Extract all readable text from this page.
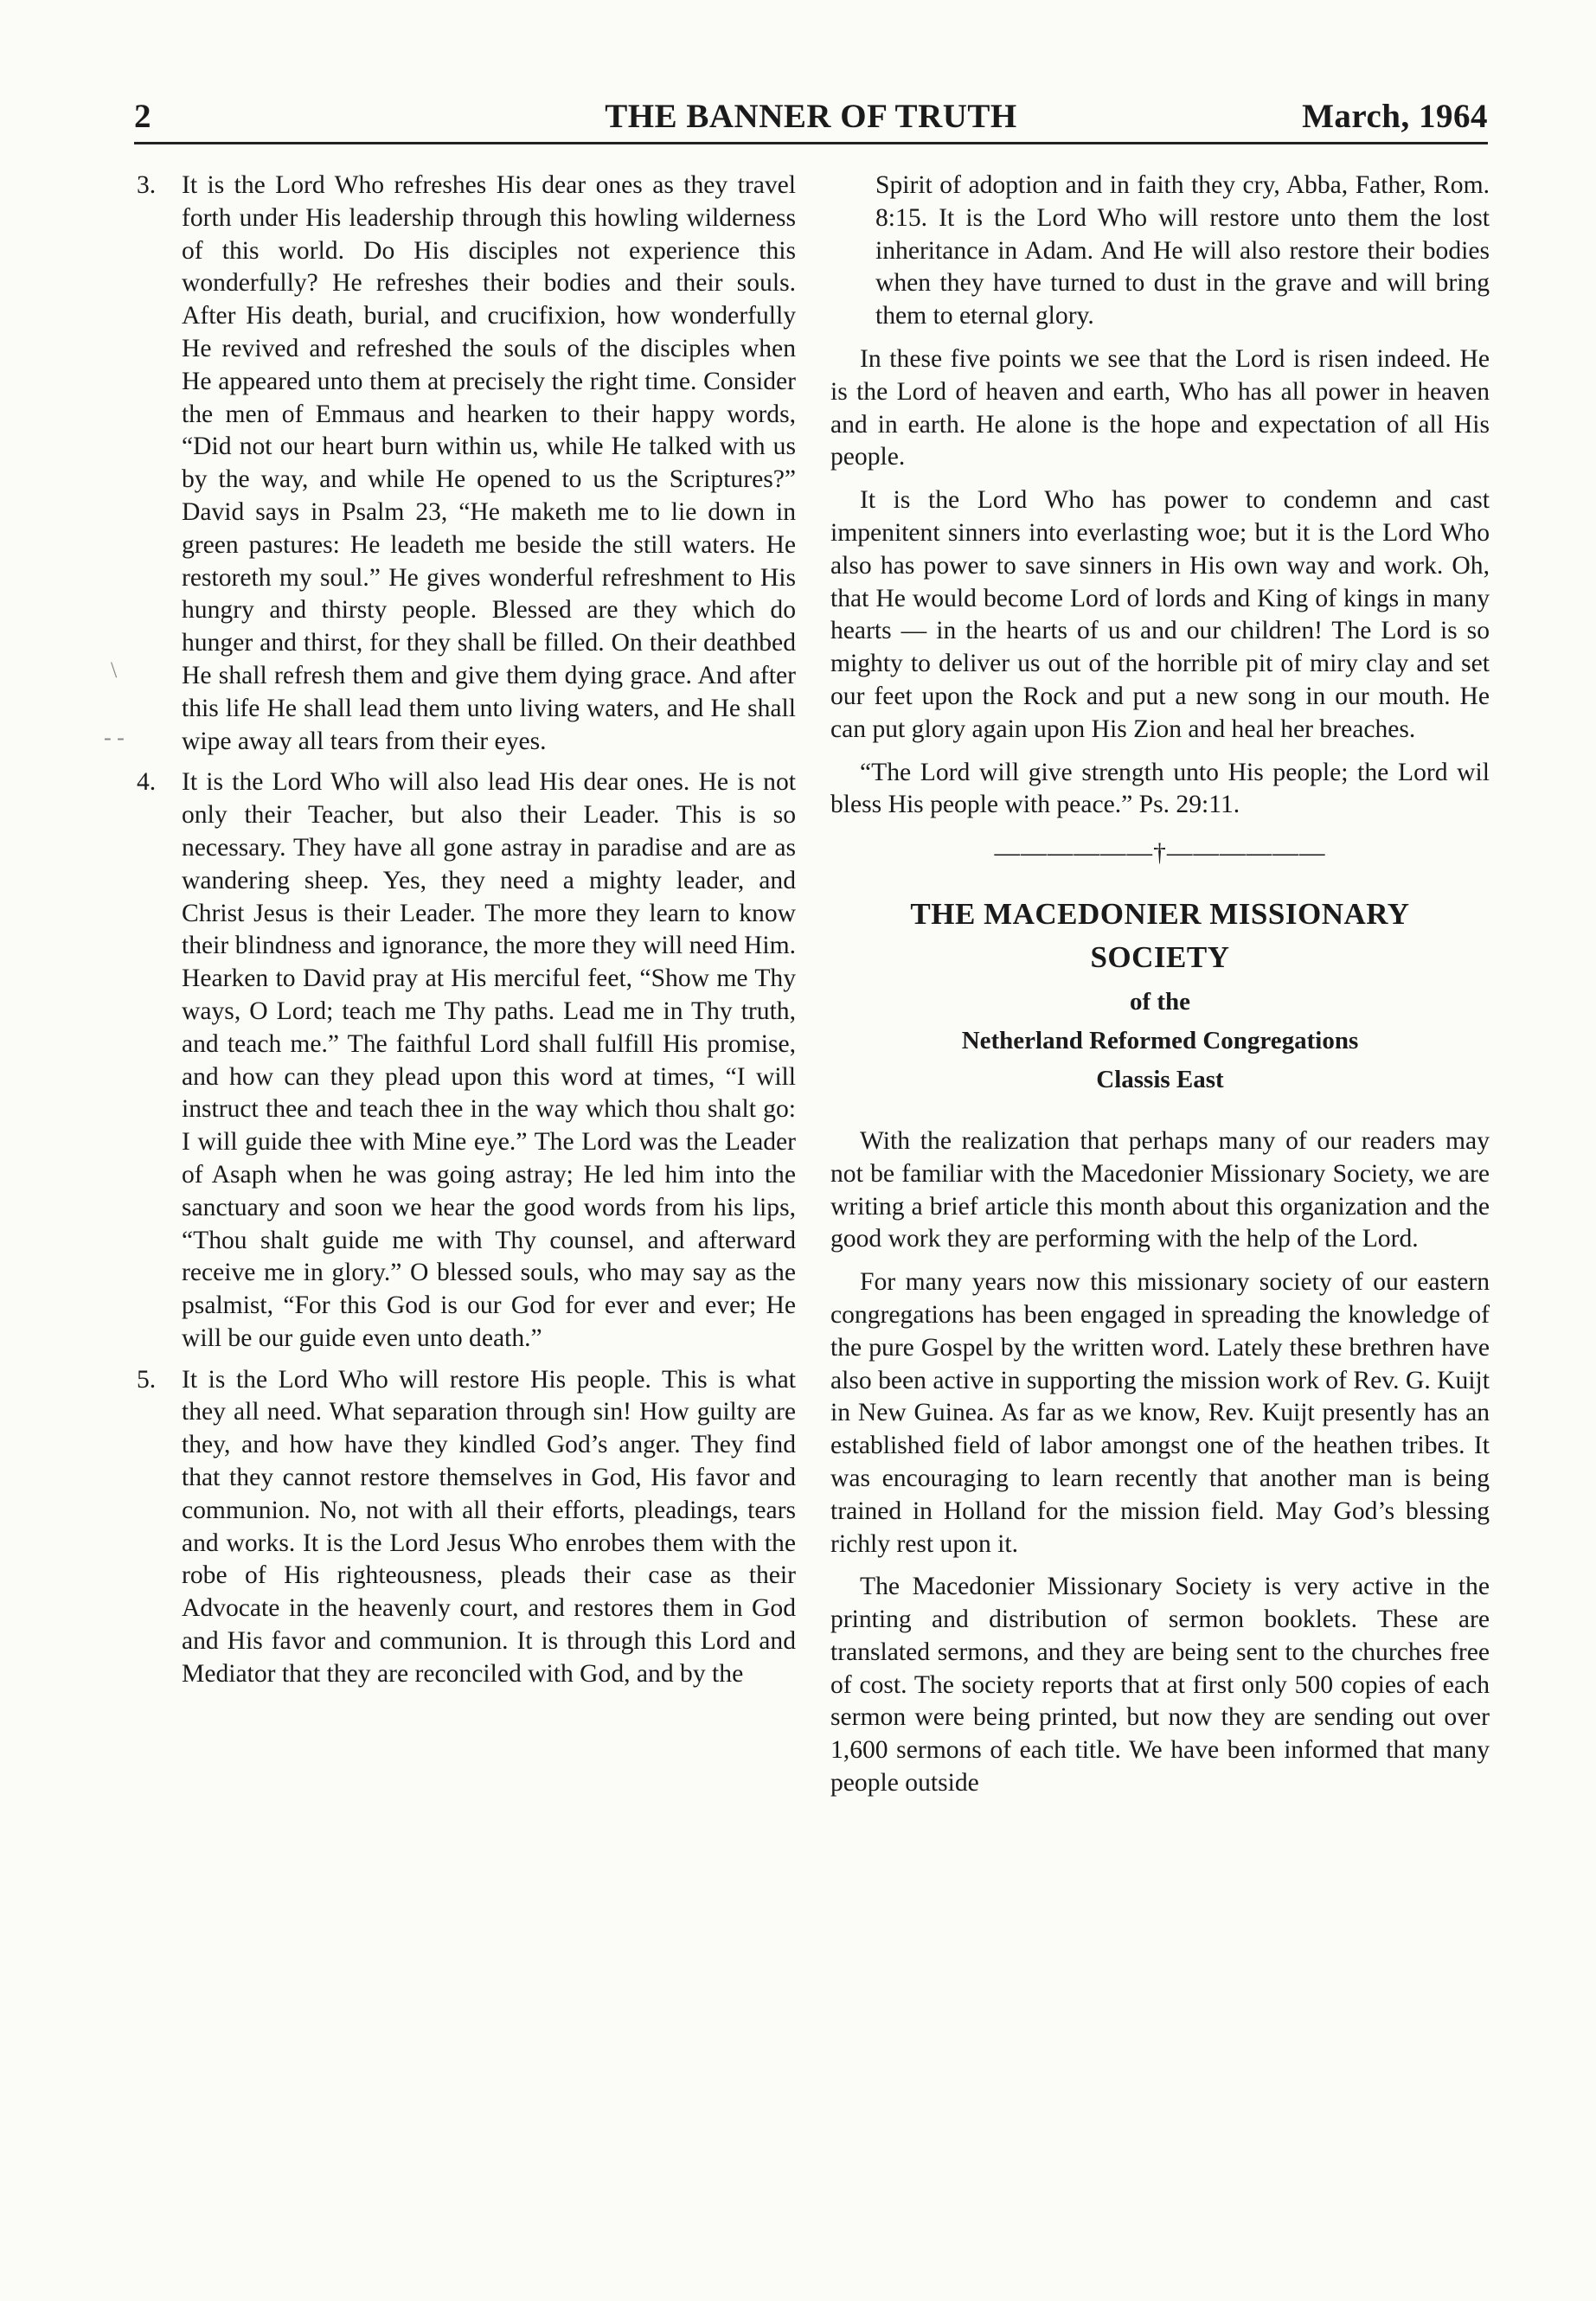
2	THE BANNER OF TRUTH	March, 1964
\
- -
3. It is the Lord Who refreshes His dear ones as they travel forth under His leadership through this howling wilderness of this world. Do His disciples not experience this wonderfully? He refreshes their bodies and their souls. After His death, burial, and crucifixion, how wonderfully He revived and refreshed the souls of the disciples when He appeared unto them at precisely the right time. Consider the men of Emmaus and hearken to their happy words, “Did not our heart burn within us, while He talked with us by the way, and while He opened to us the Scriptures?” David says in Psalm 23, “He maketh me to lie down in green pastures: He leadeth me beside the still waters. He restoreth my soul.” He gives wonderful refreshment to His hungry and thirsty people. Blessed are they which do hunger and thirst, for they shall be filled. On their deathbed He shall refresh them and give them dying grace. And after this life He shall lead them unto living waters, and He shall wipe away all tears from their eyes.

4. It is the Lord Who will also lead His dear ones. He is not only their Teacher, but also their Leader. This is so necessary. They have all gone astray in paradise and are as wandering sheep. Yes, they need a mighty leader, and Christ Jesus is their Leader. The more they learn to know their blindness and ignorance, the more they will need Him. Hearken to David pray at His merciful feet, “Show me Thy ways, O Lord; teach me Thy paths. Lead me in Thy truth, and teach me.” The faithful Lord shall fulfill His promise, and how can they plead upon this word at times, “I will instruct thee and teach thee in the way which thou shalt go: I will guide thee with Mine eye.” The Lord was the Leader of Asaph when he was going astray; He led him into the sanctuary and soon we hear the good words from his lips, “Thou shalt guide me with Thy counsel, and afterward receive me in glory.” O blessed souls, who may say as the psalmist, “For this God is our God for ever and ever; He will be our guide even unto death.”

5. It is the Lord Who will restore His people. This is what they all need. What separation through sin! How guilty are they, and how have they kindled God’s anger. They find that they cannot restore themselves in God, His favor and communion. No, not with all their efforts, pleadings, tears and works. It is the Lord Jesus Who enrobes them with the robe of His righteousness, pleads their case as their Advocate in the heavenly court, and restores them in God and His favor and communion. It is through this Lord and Mediator that they are reconciled with God, and by the

Spirit of adoption and in faith they cry, Abba, Father, Rom. 8:15. It is the Lord Who will restore unto them the lost inheritance in Adam. And He will also restore their bodies when they have turned to dust in the grave and will bring them to eternal glory.

In these five points we see that the Lord is risen indeed. He is the Lord of heaven and earth, Who has all power in heaven and in earth. He alone is the hope and expectation of all His people.

It is the Lord Who has power to condemn and cast impenitent sinners into everlasting woe; but it is the Lord Who also has power to save sinners in His own way and work. Oh, that He would become Lord of lords and King of kings in many hearts — in the hearts of us and our children! The Lord is so mighty to deliver us out of the horrible pit of miry clay and set our feet upon the Rock and put a new song in our mouth. He can put glory again upon His Zion and heal her breaches.

“The Lord will give strength unto His people; the Lord wil bless His people with peace.” Ps. 29:11.

——————†——————
THE MACEDONIER MISSIONARY
SOCIETY

of the

Netherland Reformed Congregations

Classis East

With the realization that perhaps many of our readers may not be familiar with the Macedonier Missionary Society, we are writing a brief article this month about this organization and the good work they are performing with the help of the Lord.

For many years now this missionary society of our eastern congregations has been engaged in spreading the knowledge of the pure Gospel by the written word. Lately these brethren have also been active in supporting the mission work of Rev. G. Kuijt in New Guinea. As far as we know, Rev. Kuijt presently has an established field of labor amongst one of the heathen tribes. It was encouraging to learn recently that another man is being trained in Holland for the mission field. May God’s blessing richly rest upon it.

The Macedonier Missionary Society is very active in the printing and distribution of sermon booklets. These are translated sermons, and they are being sent to the churches free of cost. The society reports that at first only 500 copies of each sermon were being printed, but now they are sending out over 1,600 sermons of each title. We have been informed that many people outside
